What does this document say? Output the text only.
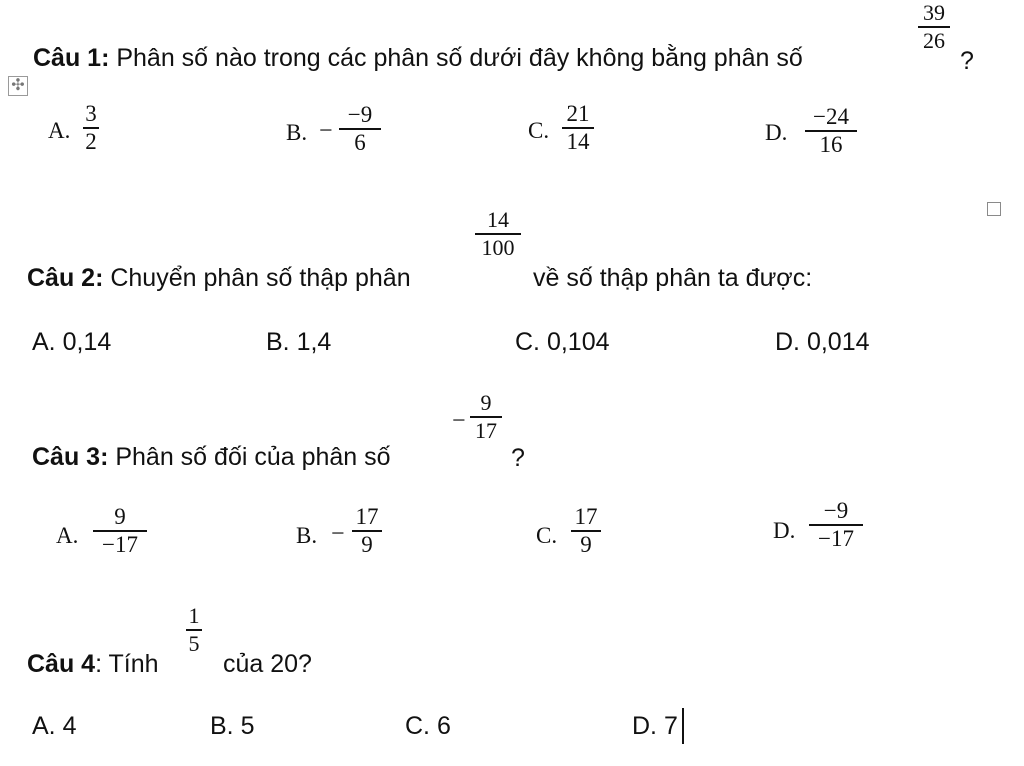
✣
Câu 1: Phân số nào trong các phân số dưới đây không bằng phân số
39
26
?
A.
3
2	B. −
−9
6	C.
21
14	D.
−24
16
14
100
Câu 2: Chuyển phân số thập phân	về số thập phân ta được:
A. 0,14	B. 1,4	C. 0,104	D. 0,014
−
9
17
Câu 3: Phân số đối của phân số	?
A.
9
−17	B. −
17
9	C.
17
9
D.
−9
−17
1
5
Câu 4: Tính	của 20?
A. 4	B. 5	C. 6	D. 7
